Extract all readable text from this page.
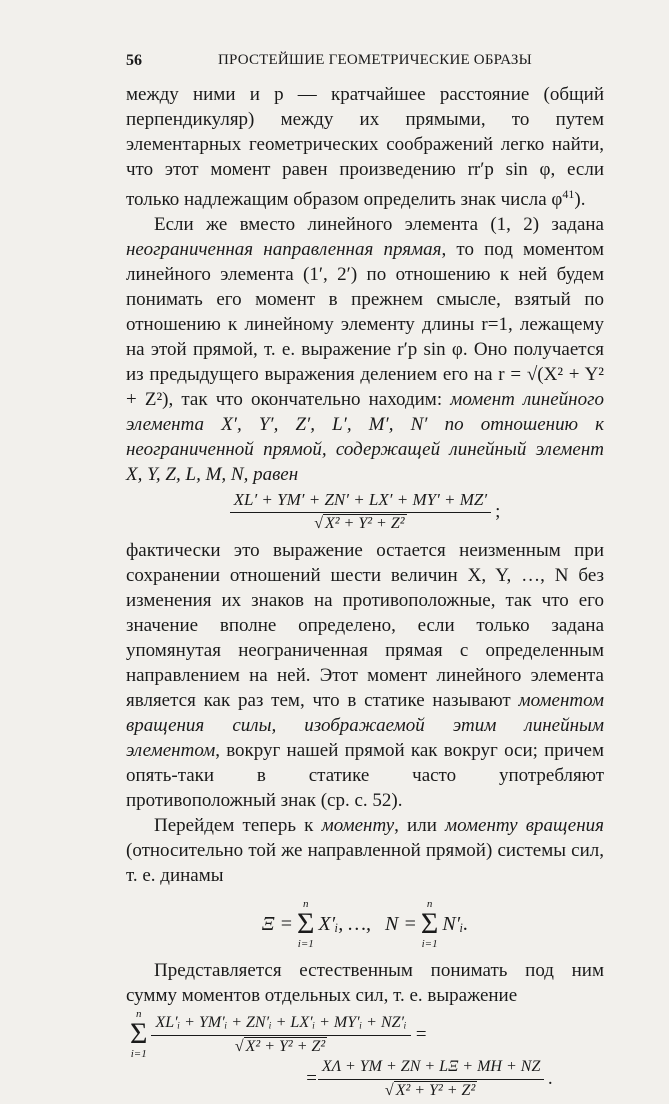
56	ПРОСТЕЙШИЕ ГЕОМЕТРИЧЕСКИЕ ОБРАЗЫ

между ними и p — кратчайшее расстояние (общий перпендикуляр) между их прямыми, то путем элементарных геометрических соображений легко найти, что этот момент равен произведению rr′p sin φ, если только надлежащим образом определить знак числа $\varphi^{41}$).

Если же вместо линейного элемента (1, 2) задана неограниченная направленная прямая, то под моментом линейного элемента (1′, 2′) по отношению к ней будем понимать его момент в прежнем смысле, взятый по отношению к линейному элементу длины r=1, лежащему на этой прямой, т. е. выражение r′p sin φ. Оно получается из предыдущего выражения делением его на r = √(X² + Y² + Z²), так что окончательно находим: момент линейного элемента X′, Y′, Z′, L′, M′, N′ по отношению к неограниченной прямой, содержащей линейный элемент X, Y, Z, L, M, N, равен

$\frac{XL' + YM' + ZN' + LX' + MY' + MZ'}{\text{√ X² + Y² + Z²}}$ ;

фактически это выражение остается неизменным при сохранении отношений шести величин X, Y, …, N без изменения их знаков на противоположные, так что его значение вполне определено, если только задана упомянутая неограниченная прямая с определенным направлением на ней. Этот момент линейного элемента является как раз тем, что в статике называют моментом вращения силы, изображаемой этим линейным элементом, вокруг нашей прямой как вокруг оси; причем опять-таки в статике часто употребляют противоположный знак (ср. с. 52).

Перейдем теперь к моменту, или моменту вращения (относительно той же направленной прямой) системы сил, т. е. динамы

Ξ =
n
Σ
i=1
X′ᵢ, …, Ν =
n
Σ
i=1
N′ᵢ.

Представляется естественным понимать под ним сумму моментов отдельных сил, т. е. выражение

n
Σ
$i=1 \frac{\text{XL′ᵢ + YM′ᵢ + ZN′ᵢ + LX′ᵢ + MY′ᵢ + NZ′ᵢ}}{\text{√ X² + Y² + Z²}}$ =
= $\frac{X\Lambda + YM + ZN + L\Xi + MH + NZ}{\text{√ X² + Y² + Z²}}$ .
